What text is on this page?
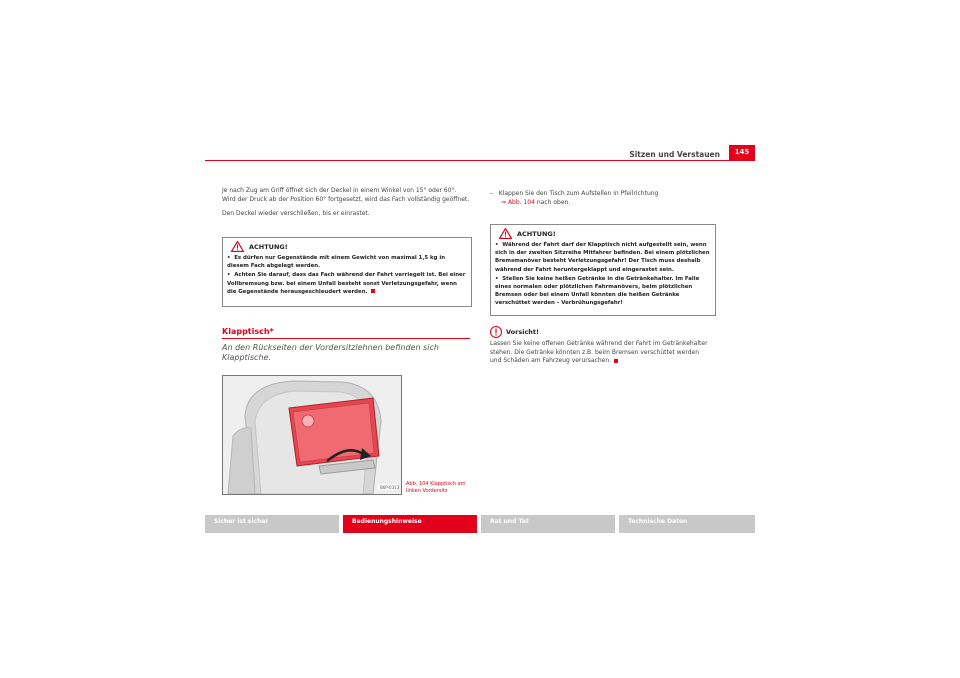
Sitzen und Verstauen	145

Je nach Zug am Griff öffnet sich der Deckel in einem Winkel von 15° oder 60°. Wird der Druck ab der Position 60° fortgesetzt, wird das Fach vollständig geöffnet.

Den Deckel wieder verschließen, bis er einrastet.

ACHTUNG!

•  Es dürfen nur Gegenstände mit einem Gewicht von maximal 1,5 kg in diesem Fach abgelegt werden.

•  Achten Sie darauf, dass das Fach während der Fahrt verriegelt ist. Bei einer Vollbremsung bzw. bei einem Unfall besteht sonst Verletzungsgefahr, wenn die Gegenstände herausgeschleudert werden.

Klapptisch*
An den Rückseiten der Vordersitzlehnen befinden sich Klapptische.
B6P-0313
Abb. 104 Klapptisch am
linken Vordersitz
– Klappen Sie den Tisch zum Aufstellen in Pfeilrichtung
⇒ Abb. 104 nach oben.
ACHTUNG!

•  Während der Fahrt darf der Klapptisch nicht aufgestellt sein, wenn sich in der zweiten Sitzreihe Mitfahrer befinden. Bei einem plötzlichen Bremsmanöver besteht Verletzungsgefahr! Der Tisch muss deshalb während der Fahrt heruntergeklappt und eingerastet sein.

•  Stellen Sie keine heißen Getränke in die Getränkehalter. Im Falle eines normalen oder plötzlichen Fahrmanövers, beim plötzlichen Bremsen oder bei einem Unfall könnten die heißen Getränke verschüttet werden – Verbrühungsgefahr!

Vorsicht!

Lassen Sie keine offenen Getränke während der Fahrt im Getränkehalter stehen. Die Getränke könnten z.B. beim Bremsen verschüttet werden und Schäden am Fahrzeug verursachen.

Sicher ist sicher	Bedienungshinweise	Rat und Tat	Technische Daten
